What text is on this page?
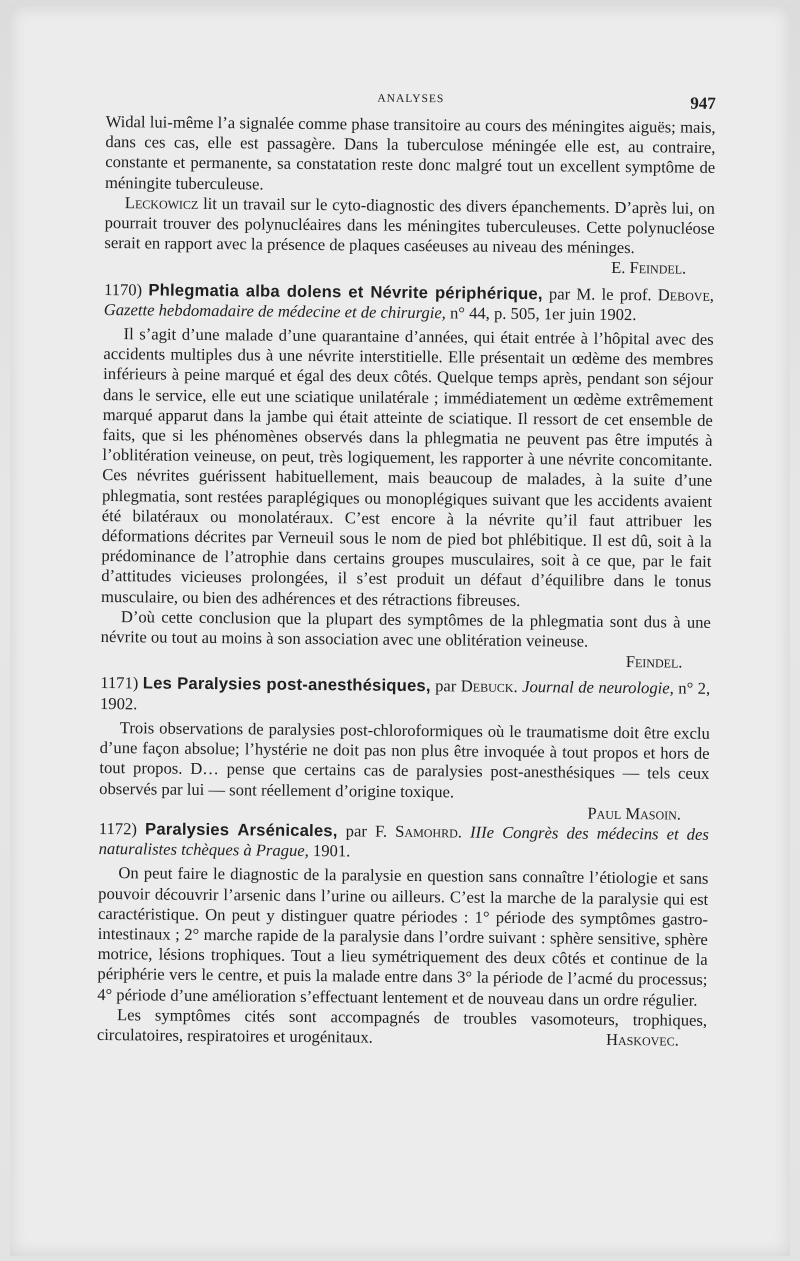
ANALYSES	947

Widal lui-même l’a signalée comme phase transitoire au cours des méningites aiguës; mais, dans ces cas, elle est passagère. Dans la tuberculose méningée elle est, au contraire, constante et permanente, sa constatation reste donc malgré tout un excellent symptôme de méningite tuberculeuse.

Leckowicz lit un travail sur le cyto-diagnostic des divers épanchements. D’après lui, on pourrait trouver des polynucléaires dans les méningites tuberculeuses. Cette polynucléose serait en rapport avec la présence de plaques caséeuses au niveau des méninges.

E. Feindel.

1170) Phlegmatia alba dolens et Névrite périphérique, par M. le prof. Debove, Gazette hebdomadaire de médecine et de chirurgie, n° 44, p. 505, 1er juin 1902.

Il s’agit d’une malade d’une quarantaine d’années, qui était entrée à l’hôpital avec des accidents multiples dus à une névrite interstitielle. Elle présentait un œdème des membres inférieurs à peine marqué et égal des deux côtés. Quelque temps après, pendant son séjour dans le service, elle eut une sciatique unilatérale ; immédiatement un œdème extrêmement marqué apparut dans la jambe qui était atteinte de sciatique. Il ressort de cet ensemble de faits, que si les phénomènes observés dans la phlegmatia ne peuvent pas être imputés à l’oblitération veineuse, on peut, très logiquement, les rapporter à une névrite concomitante. Ces névrites guérissent habituellement, mais beaucoup de malades, à la suite d’une phlegmatia, sont restées paraplégiques ou monoplégiques suivant que les accidents avaient été bilatéraux ou monolatéraux. C’est encore à la névrite qu’il faut attribuer les déformations décrites par Verneuil sous le nom de pied bot phlébitique. Il est dû, soit à la prédominance de l’atrophie dans certains groupes musculaires, soit à ce que, par le fait d’attitudes vicieuses prolongées, il s’est produit un défaut d’équilibre dans le tonus musculaire, ou bien des adhérences et des rétractions fibreuses.

D’où cette conclusion que la plupart des symptômes de la phlegmatia sont dus à une névrite ou tout au moins à son association avec une oblitération veineuse.

Feindel.

1171) Les Paralysies post-anesthésiques, par Debuck. Journal de neurologie, n° 2, 1902.

Trois observations de paralysies post-chloroformiques où le traumatisme doit être exclu d’une façon absolue; l’hystérie ne doit pas non plus être invoquée à tout propos et hors de tout propos. D… pense que certains cas de paralysies post-anesthésiques — tels ceux observés par lui — sont réellement d’origine toxique.

Paul Masoin.

1172) Paralysies Arsénicales, par F. Samohrd. IIIe Congrès des médecins et des naturalistes tchèques à Prague, 1901.

On peut faire le diagnostic de la paralysie en question sans connaître l’étiologie et sans pouvoir découvrir l’arsenic dans l’urine ou ailleurs. C’est la marche de la paralysie qui est caractéristique. On peut y distinguer quatre périodes : 1° période des symptômes gastro-intestinaux ; 2° marche rapide de la paralysie dans l’ordre suivant : sphère sensitive, sphère motrice, lésions trophiques. Tout a lieu symétriquement des deux côtés et continue de la périphérie vers le centre, et puis la malade entre dans 3° la période de l’acmé du processus; 4° période d’une amélioration s’effectuant lentement et de nouveau dans un ordre régulier.

Les symptômes cités sont accompagnés de troubles vasomoteurs, trophiques, circulatoires, respiratoires et urogénitaux.	Haskovec.
